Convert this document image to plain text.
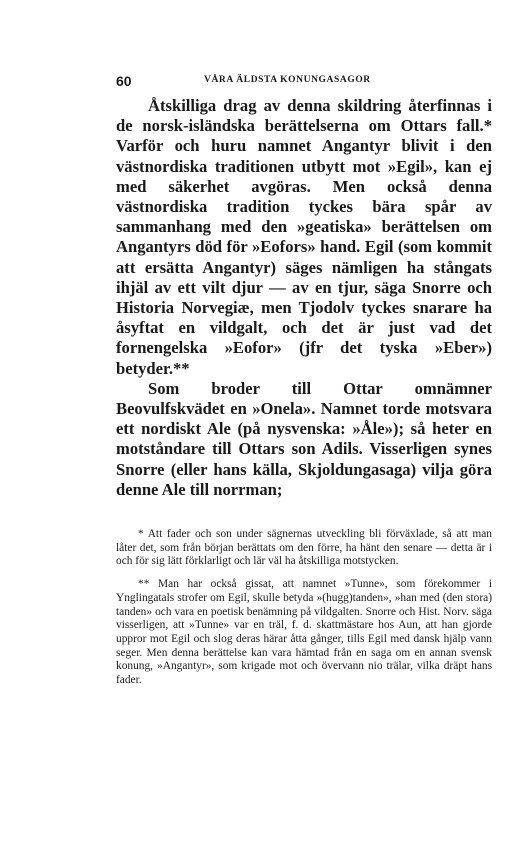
60	VÅRA ÄLDSTA KONUNGASAGOR

Åtskilliga drag av denna skildring återfinnas i de norsk-isländska berättelserna om Ottars fall.* Varför och huru namnet Angantyr blivit i den västnordiska traditionen utbytt mot »Egil», kan ej med säkerhet avgöras. Men också denna västnordiska tradition tyckes bära spår av sammanhang med den »geatiska» berättelsen om Angantyrs död för »Eofors» hand. Egil (som kommit att ersätta Angantyr) säges nämligen ha stångats ihjäl av ett vilt djur — av en tjur, säga Snorre och Historia Norvegiæ, men Tjodolv tyckes snarare ha åsyftat en vildgalt, och det är just vad det fornengelska »Eofor» (jfr det tyska »Eber») betyder.**

Som broder till Ottar omnämner Beovulfskvädet en »Onela». Namnet torde motsvara ett nordiskt Ale (på nysvenska: »Åle»); så heter en motståndare till Ottars son Adils. Visserligen synes Snorre (eller hans källa, Skjoldungasaga) vilja göra denne Ale till norrman;

* Att fader och son under sägnernas utveckling bli förväxlade, så att man låter det, som från början berättats om den förre, ha hänt den senare — detta är i och för sig lätt förklarligt och lär väl ha åtskilliga motstycken.

** Man har också gissat, att namnet »Tunne», som förekommer i Ynglingatals strofer om Egil, skulle betyda »(hugg)tanden», »han med (den stora) tanden» och vara en poetisk benämning på vildgalten. Snorre och Hist. Norv. säga visserligen, att »Tunne» var en träl, f. d. skattmästare hos Aun, att han gjorde uppror mot Egil och slog deras härar åtta gånger, tills Egil med dansk hjälp vann seger. Men denna berättelse kan vara hämtad från en saga om en annan svensk konung, »Angantyr», som krigade mot och övervann nio trälar, vilka dräpt hans fader.
